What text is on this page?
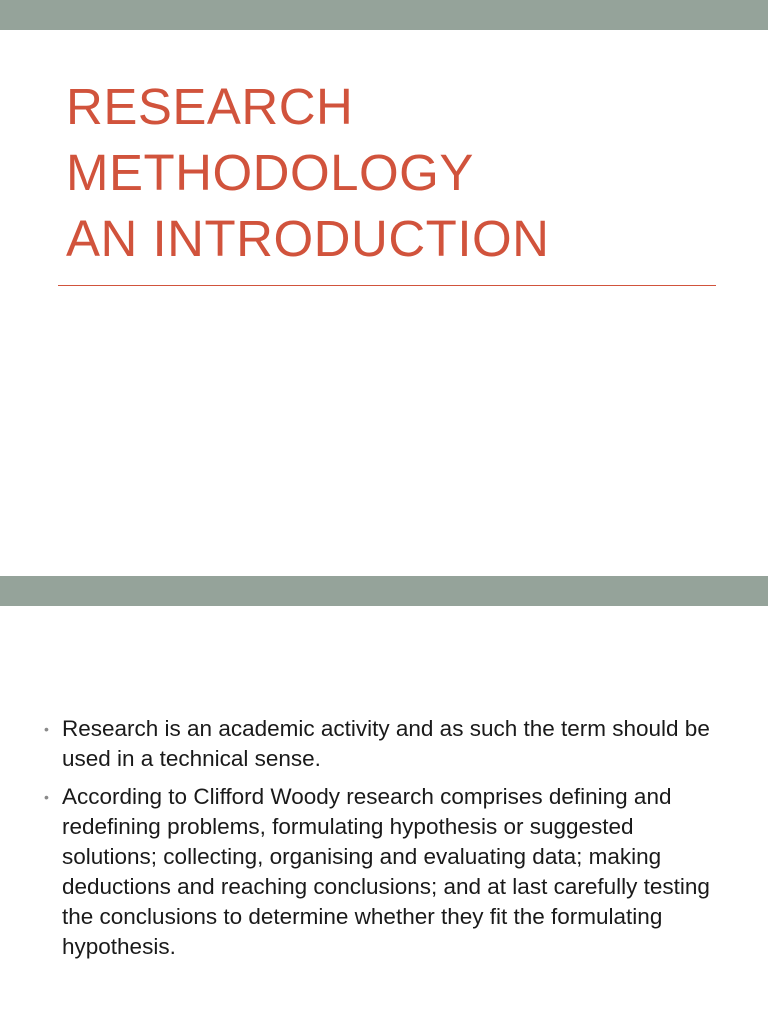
RESEARCH
METHODOLOGY
AN INTRODUCTION
• Research is an academic activity and as such the term should be used in a technical sense.
• According to Clifford Woody research comprises defining and redefining problems, formulating hypothesis or suggested solutions; collecting, organising and evaluating data; making deductions and reaching conclusions; and at last carefully testing the conclusions to determine whether they fit the formulating hypothesis.
